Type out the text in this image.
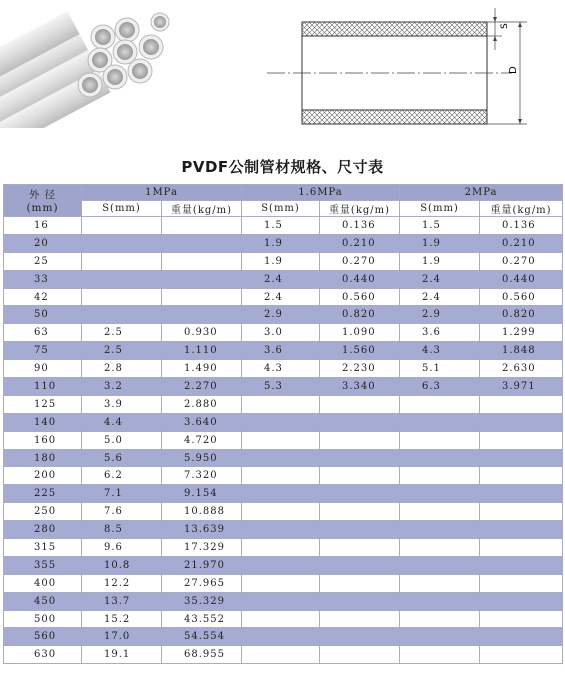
S
D
PVDF公制管材规格、尺寸表
外 径
(mm)	1MPa		1.6MPa		2MPa	
	S(mm)	重量(kg/m)	S(mm)	重量(kg/m)	S(mm)	重量(kg/m)
16			1.5	0.136	1.5	0.136
20			1.9	0.210	1.9	0.210
25			1.9	0.270	1.9	0.270
33			2.4	0.440	2.4	0.440
42			2.4	0.560	2.4	0.560
50			2.9	0.820	2.9	0.820
63	2.5	0.930	3.0	1.090	3.6	1.299
75	2.5	1.110	3.6	1.560	4.3	1.848
90	2.8	1.490	4.3	2.230	5.1	2.630
110	3.2	2.270	5.3	3.340	6.3	3.971
125	3.9	2.880				
140	4.4	3.640				
160	5.0	4.720				
180	5.6	5.950				
200	6.2	7.320				
225	7.1	9.154				
250	7.6	10.888				
280	8.5	13.639				
315	9.6	17.329				
355	10.8	21.970				
400	12.2	27.965				
450	13.7	35.329				
500	15.2	43.552				
560	17.0	54.554				
630	19.1	68.955				
